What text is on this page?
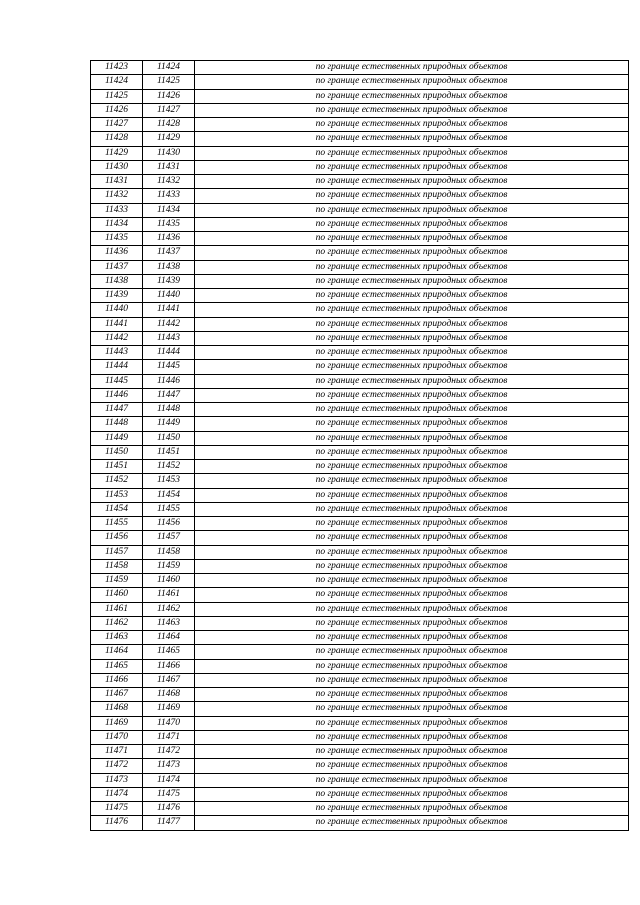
11423	11424	по границе естественных природных объектов
11424	11425	по границе естественных природных объектов
11425	11426	по границе естественных природных объектов
11426	11427	по границе естественных природных объектов
11427	11428	по границе естественных природных объектов
11428	11429	по границе естественных природных объектов
11429	11430	по границе естественных природных объектов
11430	11431	по границе естественных природных объектов
11431	11432	по границе естественных природных объектов
11432	11433	по границе естественных природных объектов
11433	11434	по границе естественных природных объектов
11434	11435	по границе естественных природных объектов
11435	11436	по границе естественных природных объектов
11436	11437	по границе естественных природных объектов
11437	11438	по границе естественных природных объектов
11438	11439	по границе естественных природных объектов
11439	11440	по границе естественных природных объектов
11440	11441	по границе естественных природных объектов
11441	11442	по границе естественных природных объектов
11442	11443	по границе естественных природных объектов
11443	11444	по границе естественных природных объектов
11444	11445	по границе естественных природных объектов
11445	11446	по границе естественных природных объектов
11446	11447	по границе естественных природных объектов
11447	11448	по границе естественных природных объектов
11448	11449	по границе естественных природных объектов
11449	11450	по границе естественных природных объектов
11450	11451	по границе естественных природных объектов
11451	11452	по границе естественных природных объектов
11452	11453	по границе естественных природных объектов
11453	11454	по границе естественных природных объектов
11454	11455	по границе естественных природных объектов
11455	11456	по границе естественных природных объектов
11456	11457	по границе естественных природных объектов
11457	11458	по границе естественных природных объектов
11458	11459	по границе естественных природных объектов
11459	11460	по границе естественных природных объектов
11460	11461	по границе естественных природных объектов
11461	11462	по границе естественных природных объектов
11462	11463	по границе естественных природных объектов
11463	11464	по границе естественных природных объектов
11464	11465	по границе естественных природных объектов
11465	11466	по границе естественных природных объектов
11466	11467	по границе естественных природных объектов
11467	11468	по границе естественных природных объектов
11468	11469	по границе естественных природных объектов
11469	11470	по границе естественных природных объектов
11470	11471	по границе естественных природных объектов
11471	11472	по границе естественных природных объектов
11472	11473	по границе естественных природных объектов
11473	11474	по границе естественных природных объектов
11474	11475	по границе естественных природных объектов
11475	11476	по границе естественных природных объектов
11476	11477	по границе естественных природных объектов
